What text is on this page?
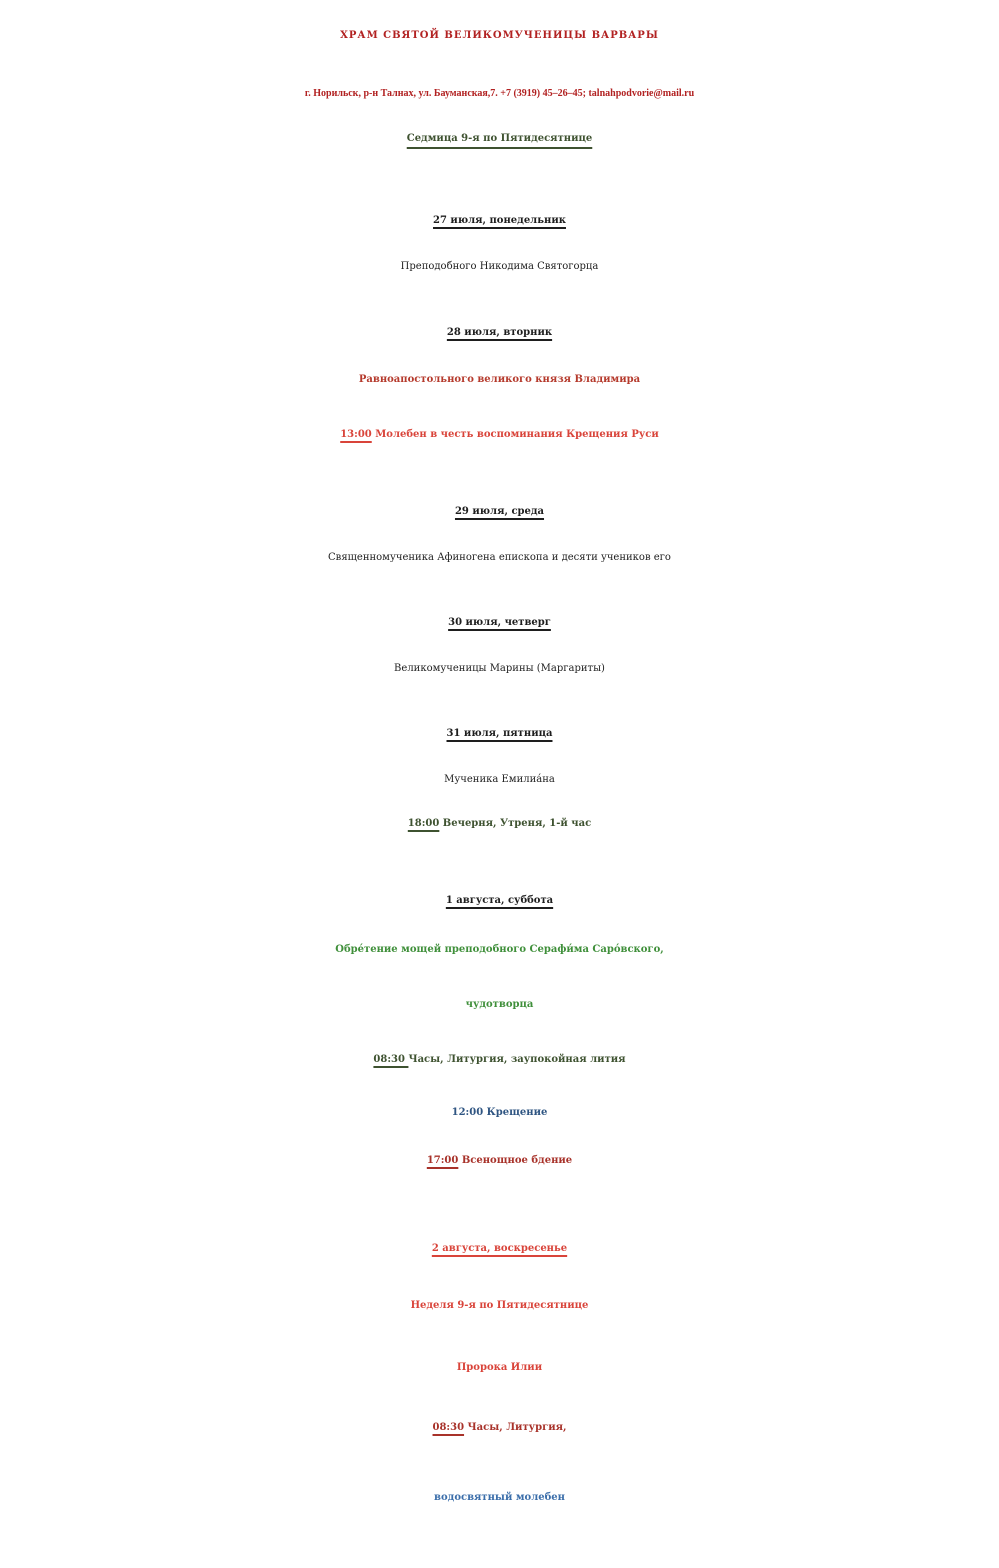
ХРАМ СВЯТОЙ ВЕЛИКОМУЧЕНИЦЫ ВАРВАРЫ
г. Норильск, р-н Талнах, ул. Бауманская,7. +7 (3919) 45–26–45; talnahpodvorie@mail.ru
Седмица 9-я по Пятидесятнице
27 июля, понедельник
Преподобного Никодима Святогорца
28 июля, вторник
Равноапостольного великого князя Владимира
13:00 Молебен в честь воспоминания Крещения Руси
29 июля, среда
Священномученика Афиногена епископа и десяти учеников его
30 июля, четверг
Великомученицы Марины (Маргариты)
31 июля, пятница
Мученика Емилиа́на
18:00 Вечерня, Утреня, 1-й час
1 августа, суббота
Обре́тение мощей преподобного Серафи́ма Саро́вского,
чудотворца
08:30 Часы, Литургия, заупокойная лития
12:00 Крещение
17:00 Всенощное бдение
2 августа, воскресенье
Неделя 9-я по Пятидесятнице
Пророка Илии
08:30 Часы, Литургия,
водосвятный молебен
